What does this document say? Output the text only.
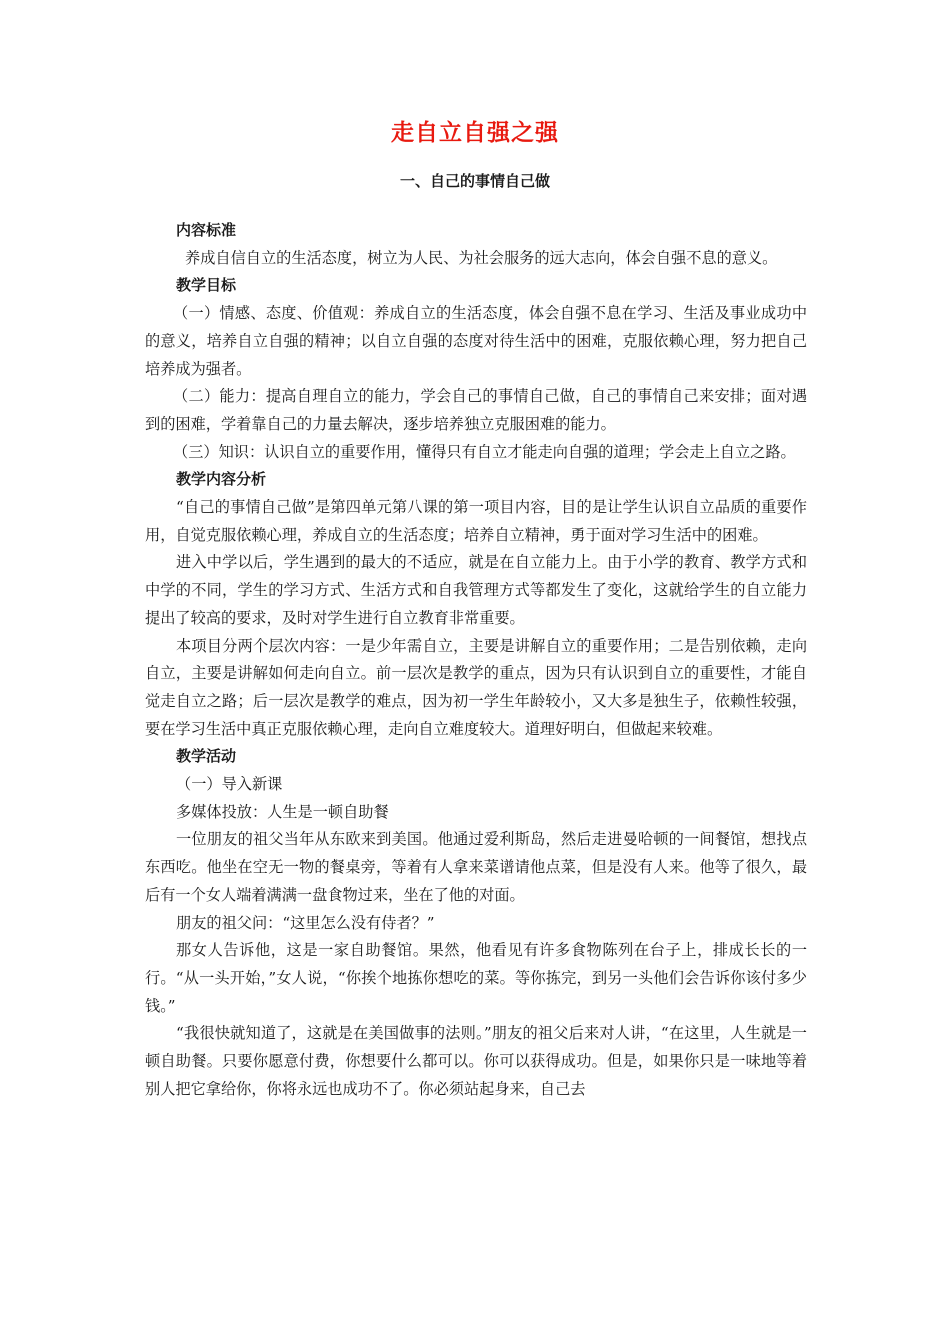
走自立自强之强
一、自己的事情自己做

内容标准

养成自信自立的生活态度，树立为人民、为社会服务的远大志向，体会自强不息的意义。

教学目标

（一）情感、态度、价值观：养成自立的生活态度，体会自强不息在学习、生活及事业成功中的意义，培养自立自强的精神；以自立自强的态度对待生活中的困难，克服依赖心理，努力把自己培养成为强者。

（二）能力：提高自理自立的能力，学会自己的事情自己做，自己的事情自己来安排；面对遇到的困难，学着靠自己的力量去解决，逐步培养独立克服困难的能力。

（三）知识：认识自立的重要作用，懂得只有自立才能走向自强的道理；学会走上自立之路。

教学内容分析

“自己的事情自己做”是第四单元第八课的第一项目内容，目的是让学生认识自立品质的重要作用，自觉克服依赖心理，养成自立的生活态度；培养自立精神，勇于面对学习生活中的困难。

进入中学以后，学生遇到的最大的不适应，就是在自立能力上。由于小学的教育、教学方式和中学的不同，学生的学习方式、生活方式和自我管理方式等都发生了变化，这就给学生的自立能力提出了较高的要求，及时对学生进行自立教育非常重要。

本项目分两个层次内容：一是少年需自立，主要是讲解自立的重要作用；二是告别依赖，走向自立，主要是讲解如何走向自立。前一层次是教学的重点，因为只有认识到自立的重要性，才能自觉走自立之路；后一层次是教学的难点，因为初一学生年龄较小，又大多是独生子，依赖性较强，要在学习生活中真正克服依赖心理，走向自立难度较大。道理好明白，但做起来较难。

教学活动

（一）导入新课

多媒体投放：人生是一顿自助餐

一位朋友的祖父当年从东欧来到美国。他通过爱利斯岛，然后走进曼哈顿的一间餐馆，想找点东西吃。他坐在空无一物的餐桌旁，等着有人拿来菜谱请他点菜，但是没有人来。他等了很久，最后有一个女人端着满满一盘食物过来，坐在了他的对面。

朋友的祖父问：“这里怎么没有侍者？”

那女人告诉他，这是一家自助餐馆。果然，他看见有许多食物陈列在台子上，排成长长的一行。“从一头开始，”女人说，“你挨个地拣你想吃的菜。等你拣完，到另一头他们会告诉你该付多少钱。”

“我很快就知道了，这就是在美国做事的法则。”朋友的祖父后来对人讲，“在这里，人生就是一顿自助餐。只要你愿意付费，你想要什么都可以。你可以获得成功。但是，如果你只是一味地等着别人把它拿给你，你将永远也成功不了。你必须站起身来，自己去
